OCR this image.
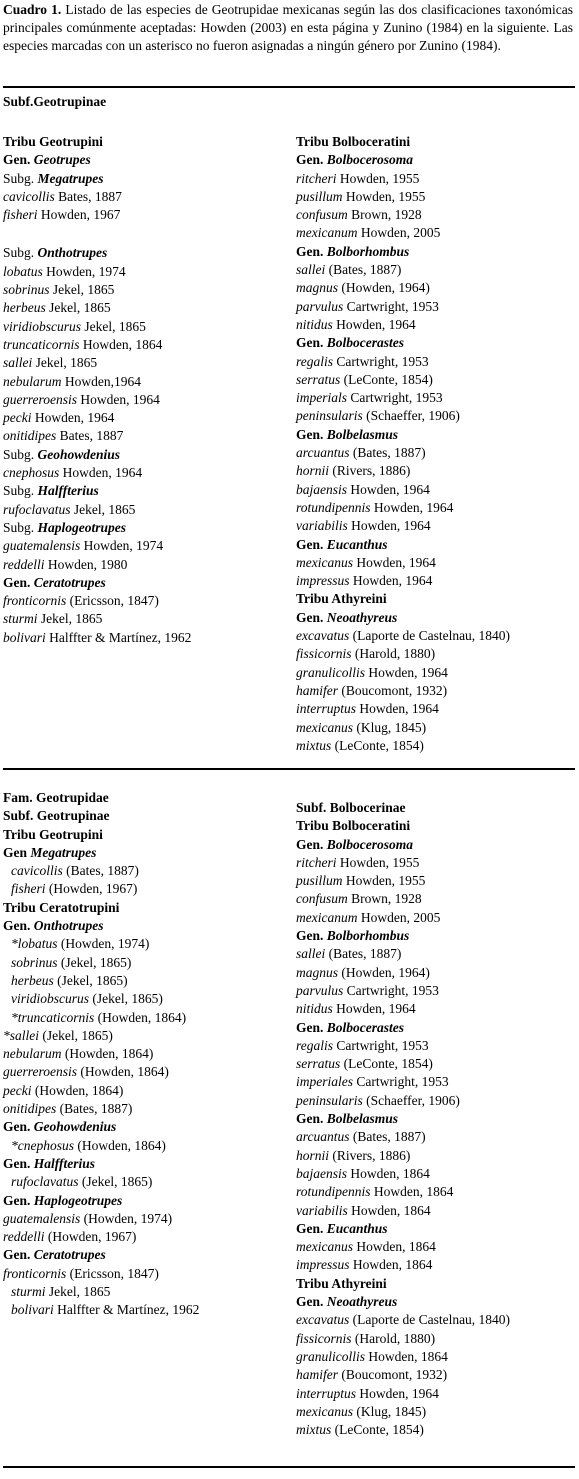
Cuadro 1. Listado de las especies de Geotrupidae mexicanas según las dos clasificaciones taxonómicas principales comúnmente aceptadas: Howden (2003) en esta página y Zunino (1984) en la siguiente. Las especies marcadas con un asterisco no fueron asignadas a ningún género por Zunino (1984).
Subf.Geotrupinae
Tribu Geotrupini
Gen. Geotrupes
Subg. Megatrupes
cavicollis Bates, 1887
fisheri Howden, 1967
Subg. Onthotrupes
lobatus Howden, 1974
sobrinus Jekel, 1865
herbeus Jekel, 1865
viridiobscurus Jekel, 1865
truncaticornis Howden, 1864
sallei Jekel, 1865
nebularum Howden,1964
guerreroensis Howden, 1964
pecki Howden, 1964
onitidipes Bates, 1887
Subg. Geohowdenius
cnephosus Howden, 1964
Subg. Halffterius
rufoclavatus Jekel, 1865
Subg. Haplogeotrupes
guatemalensis Howden, 1974
reddelli Howden, 1980
Gen. Ceratotrupes
fronticornis (Ericsson, 1847)
sturmi Jekel, 1865
bolivari Halffter & Martínez, 1962
Tribu Bolboceratini
Gen. Bolbocerosoma
ritcheri Howden, 1955
pusillum Howden, 1955
confusum Brown, 1928
mexicanum Howden, 2005
Gen. Bolborhombus
sallei (Bates, 1887)
magnus (Howden, 1964)
parvulus Cartwright, 1953
nitidus Howden, 1964
Gen. Bolbocerastes
regalis Cartwright, 1953
serratus (LeConte, 1854)
imperials Cartwright, 1953
peninsularis (Schaeffer, 1906)
Gen. Bolbelasmus
arcuantus (Bates, 1887)
hornii (Rivers, 1886)
bajaensis Howden, 1964
rotundipennis Howden, 1964
variabilis Howden, 1964
Gen. Eucanthus
mexicanus Howden, 1964
impressus Howden, 1964
Tribu Athyreini
Gen. Neoathyreus
excavatus (Laporte de Castelnau, 1840)
fissicornis (Harold, 1880)
granulicollis Howden, 1964
hamifer (Boucomont, 1932)
interruptus Howden, 1964
mexicanus (Klug, 1845)
mixtus (LeConte, 1854)
Fam. Geotrupidae
Subf. Geotrupinae
Tribu Geotrupini
Gen Megatrupes
cavicollis (Bates, 1887)
fisheri (Howden, 1967)
Tribu Ceratotrupini
Gen. Onthotrupes
*lobatus (Howden, 1974)
sobrinus (Jekel, 1865)
herbeus (Jekel, 1865)
viridiobscurus (Jekel, 1865)
*truncaticornis (Howden, 1864)
*sallei (Jekel, 1865)
nebularum (Howden, 1864)
guerreroensis (Howden, 1864)
pecki (Howden, 1864)
onitidipes (Bates, 1887)
Gen. Geohowdenius
*cnephosus (Howden, 1864)
Gen. Halffterius
rufoclavatus (Jekel, 1865)
Gen. Haplogeotrupes
guatemalensis (Howden, 1974)
reddelli (Howden, 1967)
Gen. Ceratotrupes
fronticornis (Ericsson, 1847)
sturmi Jekel, 1865
bolivari Halffter & Martínez, 1962
Subf. Bolbocerinae
Tribu Bolboceratini
Gen. Bolbocerosoma
ritcheri Howden, 1955
pusillum Howden, 1955
confusum Brown, 1928
mexicanum Howden, 2005
Gen. Bolborhombus
sallei (Bates, 1887)
magnus (Howden, 1964)
parvulus Cartwright, 1953
nitidus Howden, 1964
Gen. Bolbocerastes
regalis Cartwright, 1953
serratus (LeConte, 1854)
imperiales Cartwright, 1953
peninsularis (Schaeffer, 1906)
Gen. Bolbelasmus
arcuantus (Bates, 1887)
hornii (Rivers, 1886)
bajaensis Howden, 1864
rotundipennis Howden, 1864
variabilis Howden, 1864
Gen. Eucanthus
mexicanus Howden, 1864
impressus Howden, 1864
Tribu Athyreini
Gen. Neoathyreus
excavatus (Laporte de Castelnau, 1840)
fissicornis (Harold, 1880)
granulicollis Howden, 1864
hamifer (Boucomont, 1932)
interruptus Howden, 1964
mexicanus (Klug, 1845)
mixtus (LeConte, 1854)
